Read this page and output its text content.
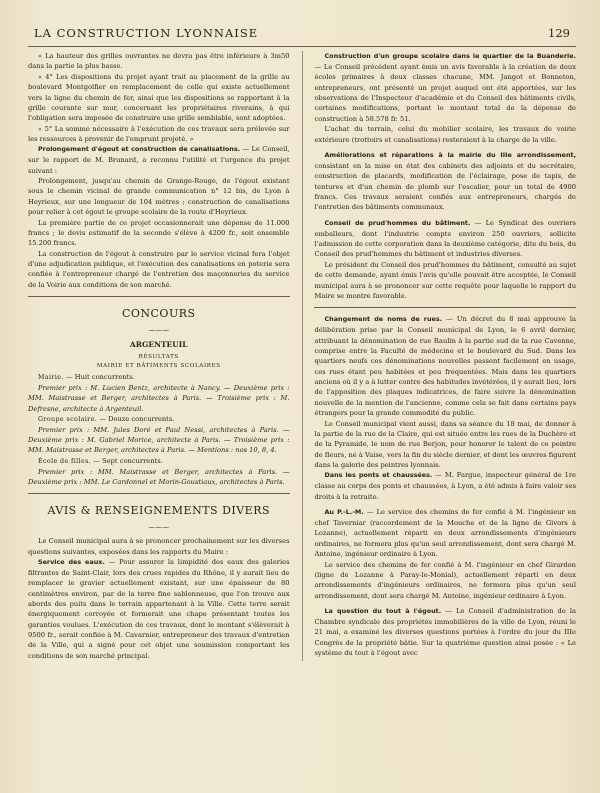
LA CONSTRUCTION LYONNAISE	129

« La hauteur des grilles ouvrantes ne devra pas être inférieure à 3m50 dans la partie la plus basse.

« 4° Les dispositions du projet ayant trait au placement de la grille au boulevard Montgolfier en remplacement de celle qui existe actuellement vers la ligne du chemin de fer, ainsi que les dispositions se rapportant à la grille courante sur mur, concernant les propriétaires riverains, à qui l'obligation sera imposée de construire une grille semblable, sont adoptées.

« 5° La somme nécessaire à l'exécution de ces travaux sera prélevée sur les ressources à provenir de l'emprunt projeté. »

Prolongement d'égout et construction de canalisations. — Le Conseil, sur le rapport de M. Brunard, a reconnu l'utilité et l'urgence du projet suivant :

Prolongement, jusqu'au chemin de Grange-Rouge, de l'égout existant sous le chemin vicinal de grande communication n° 12 bis, de Lyon à Heyrieux, sur une longueur de 104 mètres ; construction de canalisations pour relier à cet égout le groupe scolaire de la route d'Heyrieux.

La première partie de ce projet occasionnerait une dépense de 11.000 francs ; le devis estimatif de la seconde s'élève à 4200 fr., soit ensemble 15.200 francs.

La construction de l'égout à construire par le service vicinal fera l'objet d'une adjudication publique, et l'exécution des canalisations en poterie sera confiée à l'entrepreneur chargé de l'entretien des maçonneries du service de la Voirie aux conditions de son marché.

CONCOURS
⁓⁓⁓
ARGENTEUIL
RÉSULTATS
MAIRIE ET BÂTIMENTS SCOLAIRES

Mairie. — Huit concurrents.

Premier prix : M. Lucien Bentz, architecte à Nancy. — Deuxième prix : MM. Maistrasse et Berger, architectes à Paris. — Troisième prix : M. Defresne, architecte à Argenteuil.

Groupe scolaire. — Douze concurrents.

Premier prix : MM. Jules Doré et Paul Nessi, architectes à Paris. — Deuxième prix : M. Gabriel Morice, architecte à Paris. — Troisième prix : MM. Maistrasse et Berger, architectes à Paris. — Mentions : nos 10, 8, 4.

École de filles. — Sept concurrents.

Premier prix : MM. Maistrasse et Berger, architectes à Paris. — Deuxième prix : MM. Le Cardonnel et Morin-Goustiaux, architectes à Paris.

AVIS & RENSEIGNEMENTS DIVERS
⁓⁓⁓

Le Conseil municipal aura à se prononcer prochainement sur les diverses questions suivantes, exposées dans les rapports du Maire :

Service des eaux. — Pour assurer la limpidité des eaux des galeries filtrantes de Saint-Clair, lors des crues rapides du Rhône, il y aurait lieu de remplacer le gravier actuellement existant, sur une épaisseur de 80 centimètres environ, par de la terre fine sablonneuse, que l'on trouve aux abords des puits dans le terrain appartenant à la Ville. Cette terre serait énergiquement corroyée et formerait une chape présentant toutes les garanties voulues. L'exécution de ces travaux, dont le montant s'élèverait à 9500 fr., serait confiée à M. Cavarnier, entrepreneur des travaux d'entretien de la Ville, qui a signé pour cet objet une soumission comportant les conditions de son marché principal.

Construction d'un groupe scolaire dans le quartier de la Buanderie. — Le Conseil précédent ayant émis un avis favorable à la création de deux écoles primaires à deux classes chacune, MM. Jangot et Bonneton, entrepreneurs, ont présenté un projet auquel ont été apportées, sur les observations de l'Inspecteur d'académie et du Conseil des bâtiments civils, certaines modifications, portant le montant total de la dépense de construction à 58.578 fr. 51.

L'achat du terrain, celui du mobilier scolaire, les travaux de voirie extérieure (trottoirs et canalisations) resteraient à la charge de la ville.

Améliorations et réparations à la mairie du IIIe arrondissement, consistant en la mise en état des cabinets des adjoints et du secrétaire, construction de placards, modification de l'éclairage, pose de tapis, de tentures et d'un chemin de plomb sur l'escalier, pour un total de 4900 francs. Ces travaux seraient confiés aux entrepreneurs, chargés de l'entretien des bâtiments communaux.

Conseil de prud'hommes du bâtiment. — Le Syndicat des ouvriers emballeurs, dont l'industrie compte environ 250 ouvriers, sollicite l'admission de cette corporation dans la deuxième catégorie, dite du bois, du Conseil des prud'hommes du bâtiment et industries diverses.

Le président du Conseil des prud'hommes du bâtiment, consulté au sujet de cette demande, ayant émis l'avis qu'elle pouvait être acceptée, le Conseil municipal aura à se prononcer sur cette requête pour laquelle le rapport du Maire se montre favorable.

Changement de noms de rues. — Un décret du 8 mai approuve la délibération prise par le Conseil municipal de Lyon, le 6 avril dernier, attribuant la dénomination de rue Raulin à la partie sud de la rue Cavenne, comprise entre la Faculté de médecine et le boulevard du Sud. Dans les quartiers neufs ces dénominations nouvelles passent facilement en usage, ces rues étant peu habitées et peu fréquentées. Mais dans les quartiers anciens où il y a à lutter contre des habitudes invétérées, il y aurait lieu, lors de l'apposition des plaques indicatrices, de faire suivre la dénomination nouvelle de la mention de l'ancienne, comme cela se fait dans certains pays étrangers pour la grande commodité du public.

Le Conseil municipal vient aussi, dans sa séance du 18 mai, de donner à la partie de la rue de la Claire, qui est située entre les rues de la Duchère et de la Pyramide, le nom de rue Berjon, pour honorer le talent de ce peintre de fleurs, né à Vaise, vers la fin du siècle dernier, et dont les œuvres figurent dans la galerie des peintres lyonnais.

Dans les ponts et chaussées. — M. Fargue, inspecteur général de 1re classe au corps des ponts et chaussées, à Lyon, a été admis à faire valoir ses droits à la retraite.

Au P.-L.-M. — Le service des chemins de fer confié à M. l'ingénieur en chef Taverniar (raccordement de la Mouche et de la ligne de Givors à Lozanne), actuellement réparti en deux arrondissements d'ingénieurs ordinaires, ne formera plus qu'un seul arrondissement, dont sera chargé M. Antoine, ingénieur ordinaire à Lyon.

Le service des chemins de fer confié à M. l'ingénieur en chef Girardon (ligne de Lozanne à Paray-le-Monial), actuellement réparti en deux arrondissements d'ingénieurs ordinaires, ne formera plus qu'un seul arrondissement, dont sera chargé M. Antoine, ingénieur ordinaire à Lyon.

La question du tout à l'égout. — Le Conseil d'administration de la Chambre syndicale des propriétés immobilières de la ville de Lyon, réuni le 21 mai, a examiné les diverses questions portées à l'ordre du jour du IIIe Congrès de la propriété bâtie. Sur la quatrième question ainsi posée : « Le système du tout à l'égout avec
